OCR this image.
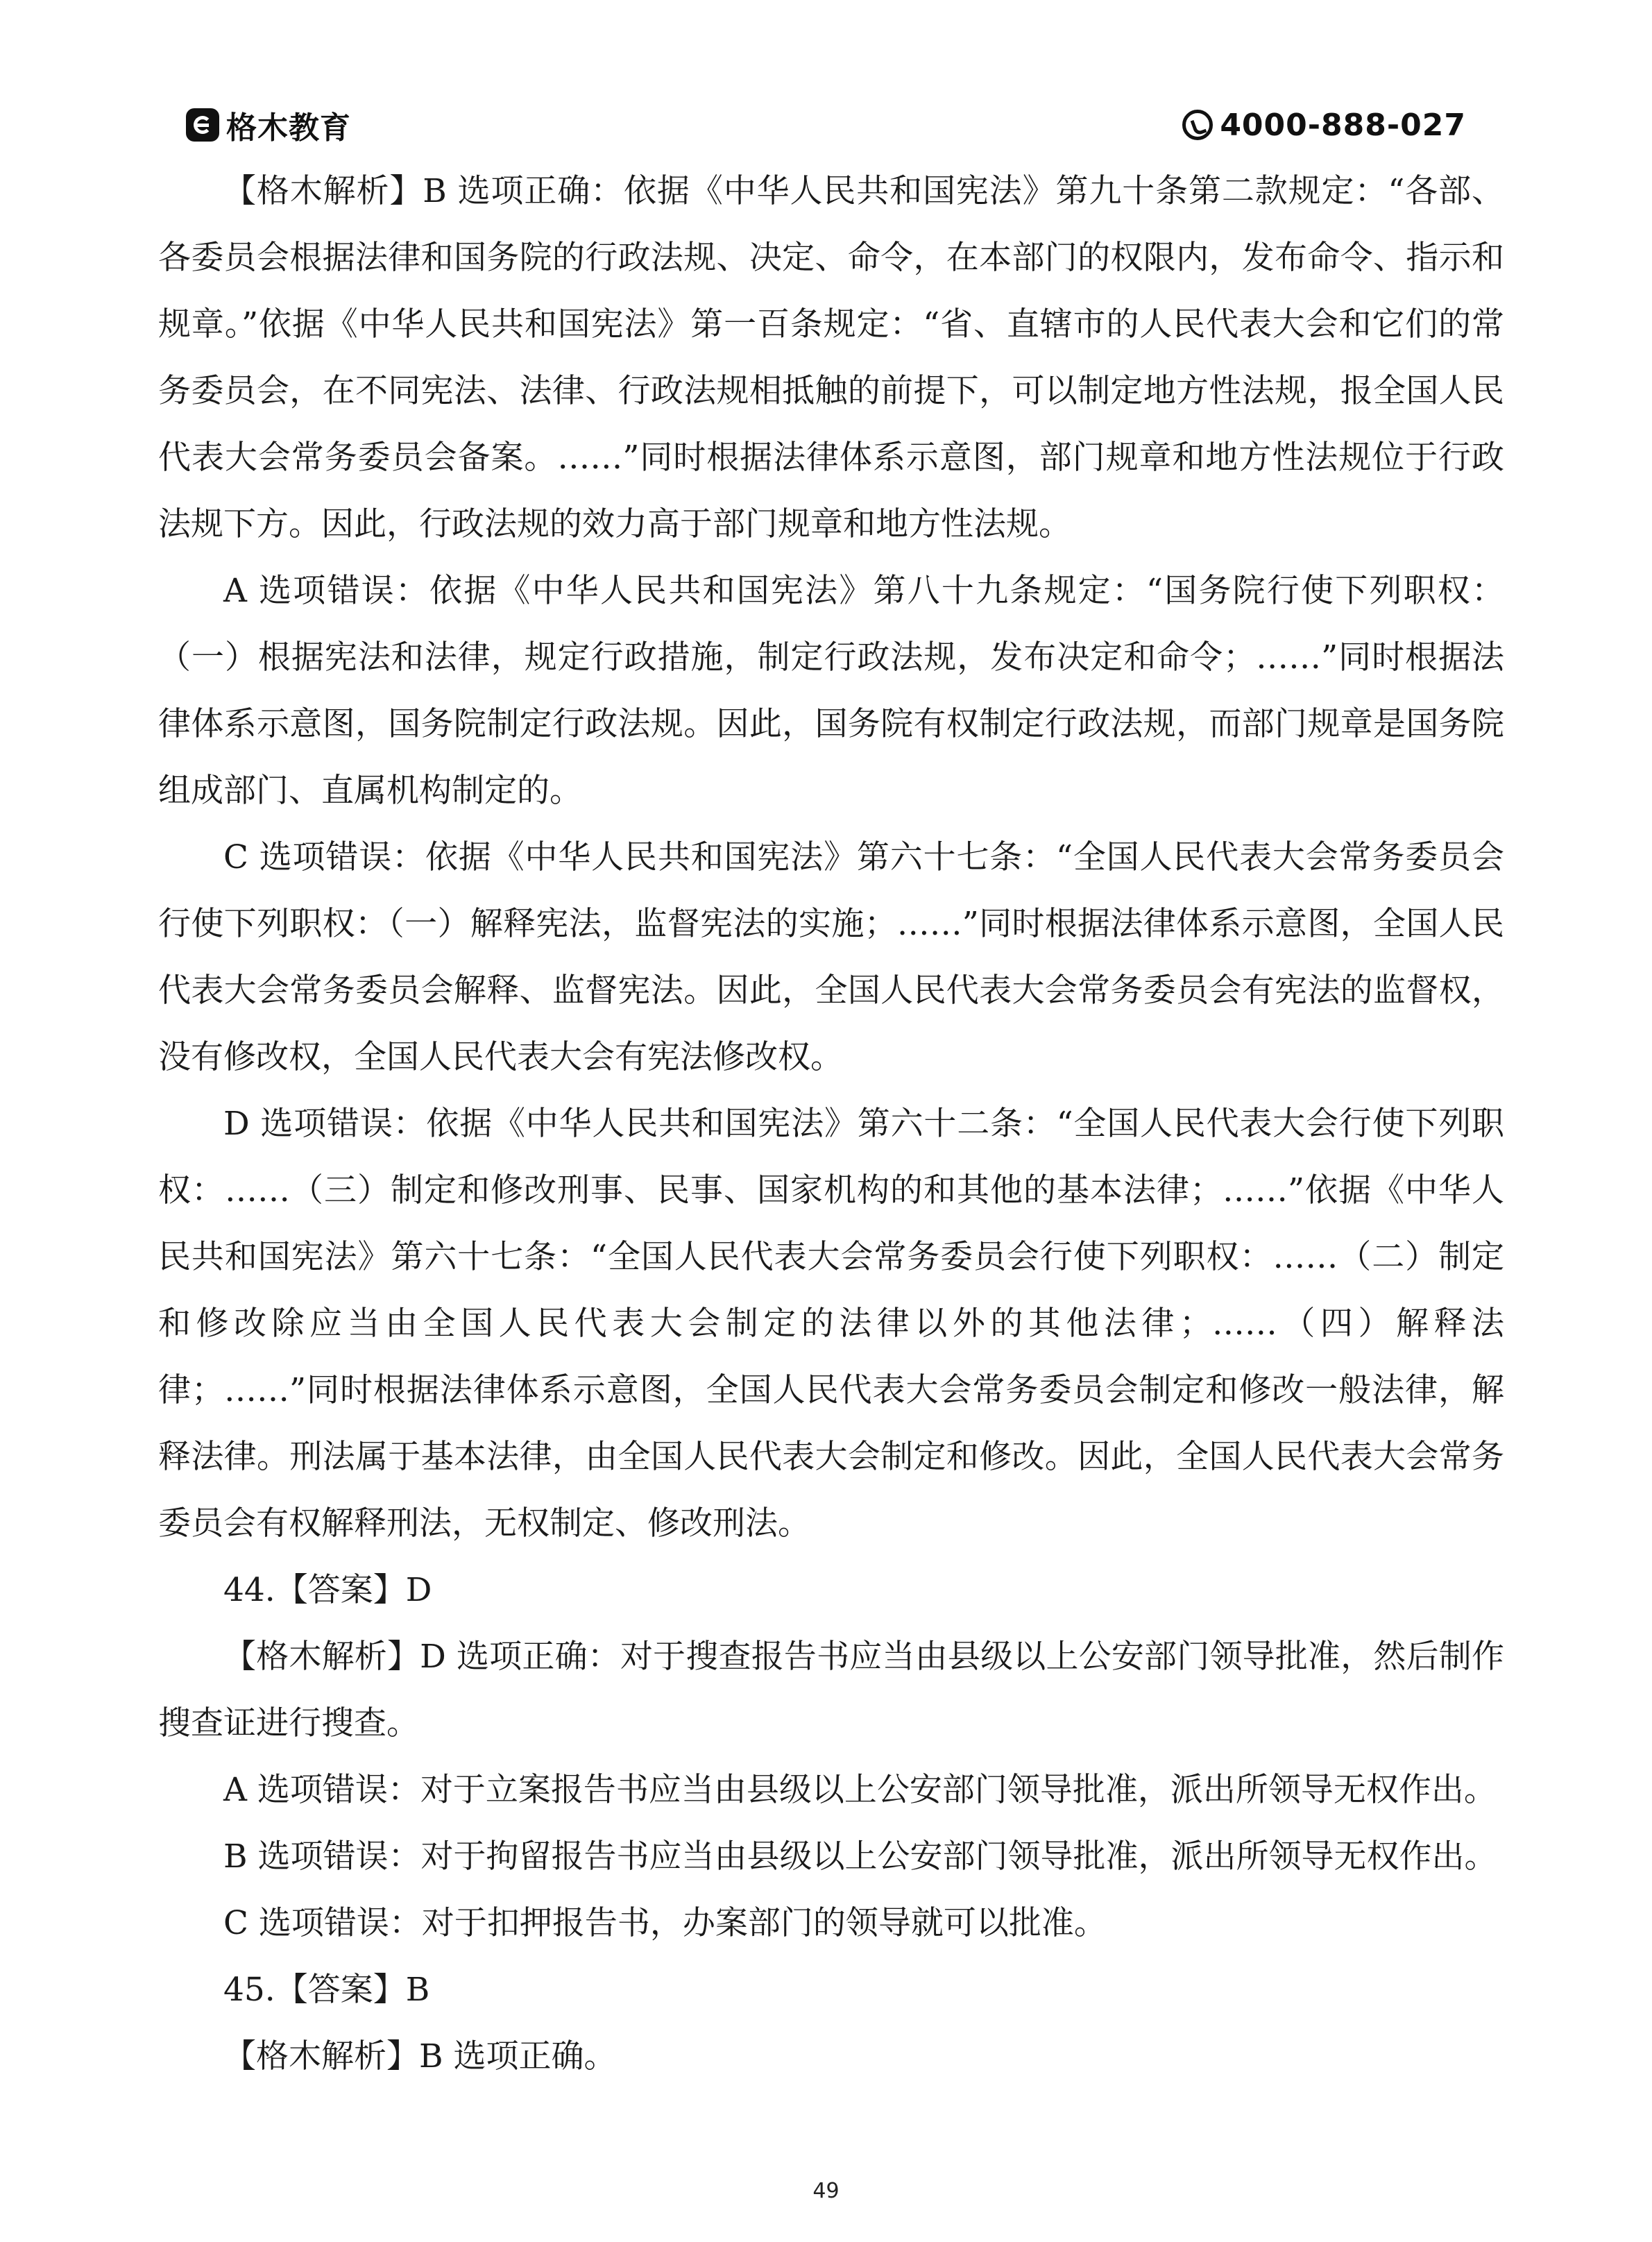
格木教育	4000-888-027

【格木解析】B 选项正确：依据《中华人民共和国宪法》第九十条第二款规定：“各部、各委员会根据法律和国务院的行政法规、决定、命令，在本部门的权限内，发布命令、指示和规章。”依据《中华人民共和国宪法》第一百条规定：“省、直辖市的人民代表大会和它们的常务委员会，在不同宪法、法律、行政法规相抵触的前提下，可以制定地方性法规，报全国人民代表大会常务委员会备案。……”同时根据法律体系示意图，部门规章和地方性法规位于行政法规下方。因此，行政法规的效力高于部门规章和地方性法规。

A 选项错误：依据《中华人民共和国宪法》第八十九条规定：“国务院行使下列职权：（一）根据宪法和法律，规定行政措施，制定行政法规，发布决定和命令；……”同时根据法律体系示意图，国务院制定行政法规。因此，国务院有权制定行政法规，而部门规章是国务院组成部门、直属机构制定的。

C 选项错误：依据《中华人民共和国宪法》第六十七条：“全国人民代表大会常务委员会行使下列职权：（一）解释宪法，监督宪法的实施；……”同时根据法律体系示意图，全国人民代表大会常务委员会解释、监督宪法。因此，全国人民代表大会常务委员会有宪法的监督权，没有修改权，全国人民代表大会有宪法修改权。

D 选项错误：依据《中华人民共和国宪法》第六十二条：“全国人民代表大会行使下列职权：……（三）制定和修改刑事、民事、国家机构的和其他的基本法律；……”依据《中华人民共和国宪法》第六十七条：“全国人民代表大会常务委员会行使下列职权：……（二）制定和修改除应当由全国人民代表大会制定的法律以外的其他法律；……（四）解释法律；……”同时根据法律体系示意图，全国人民代表大会常务委员会制定和修改一般法律，解释法律。刑法属于基本法律，由全国人民代表大会制定和修改。因此，全国人民代表大会常务委员会有权解释刑法，无权制定、修改刑法。

44.【答案】D

【格木解析】D 选项正确：对于搜查报告书应当由县级以上公安部门领导批准，然后制作搜查证进行搜查。

A 选项错误：对于立案报告书应当由县级以上公安部门领导批准，派出所领导无权作出。

B 选项错误：对于拘留报告书应当由县级以上公安部门领导批准，派出所领导无权作出。

C 选项错误：对于扣押报告书，办案部门的领导就可以批准。

45.【答案】B

【格木解析】B 选项正确。

49
